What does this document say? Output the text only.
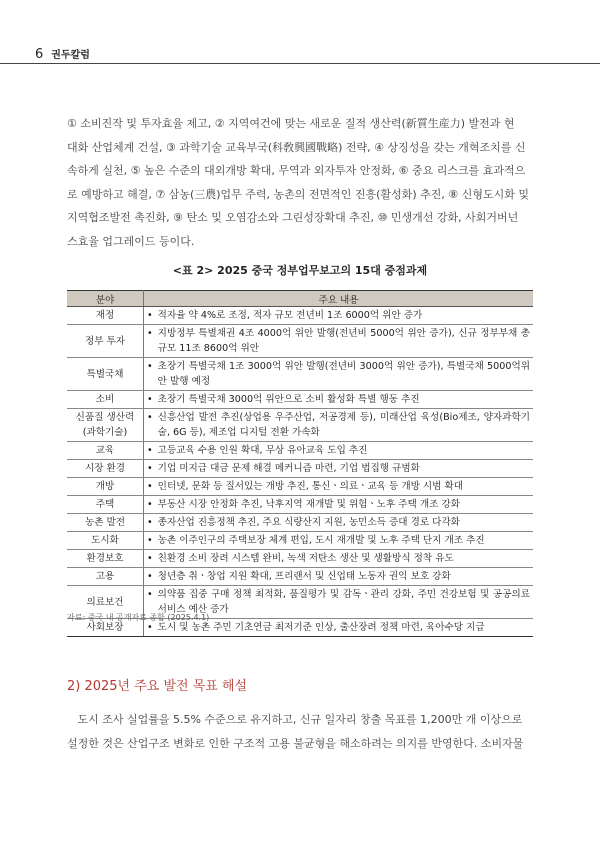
6 권두칼럼

① 소비진작 및 투자효율 제고, ② 지역여건에 맞는 새로운 질적 생산력(新質生産力) 발전과 현
대화 산업체계 건설, ③ 과학기술 교육부국(科敎興國戰略) 전략, ④ 상징성을 갖는 개혁조치를 신
속하게 실천, ⑤ 높은 수준의 대외개방 확대, 무역과 외자투자 안정화, ⑥ 중요 리스크를 효과적으
로 예방하고 해결, ⑦ 삼농(三農)업무 주력, 농촌의 전면적인 진흥(활성화) 추진, ⑧ 신형도시화 및
지역협조발전 촉진화, ⑨ 탄소 및 오염감소와 그린성장확대 추진, ⑩ 민생개선 강화, 사회거버넌
스효율 업그레이드 등이다.

<표 2> 2025 중국 정부업무보고의 15대 중점과제
분야	주요 내용
재정	• 적자율 약 4%로 조정, 적자 규모 전년비 1조 6000억 위안 증가

정부 투자	• 지방정부 특별채권 4조 4000억 위안 발행(전년비 5000억 위안 증가), 신규 정부부채 총규모 11조 8600억 위안

특별국채	• 초장기 특별국채 1조 3000억 위안 발행(전년비 3000억 위안 증가), 특별국채 5000억위안 발행 예정

소비	• 초장기 특별국채 3000억 위안으로 소비 활성화 특별 행동 추진

신품질 생산력
(과학기술)	• 신흥산업 발전 추진(상업용 우주산업, 저공경제 등), 미래산업 육성(Bio제조, 양자과학기술, 6G 등), 제조업 디지털 전환 가속화

교육	• 고등교육 수용 인원 확대, 무상 유아교육 도입 추진

시장 환경	• 기업 미지급 대금 문제 해결 메커니즘 마련, 기업 법집행 규범화

개방	• 인터넷, 문화 등 질서있는 개방 추진, 통신ㆍ의료ㆍ교육 등 개방 시범 확대

주택	• 부동산 시장 안정화 추진, 낙후지역 재개발 및 위험ㆍ노후 주택 개조 강화

농촌 발전	• 종자산업 진흥정책 추진, 주요 식량산지 지원, 농민소득 증대 경로 다각화

도시화	• 농촌 이주인구의 주택보장 체계 편입, 도시 재개발 및 노후 주택 단지 개조 추진

환경보호	• 친환경 소비 장려 시스템 완비, 녹색 저탄소 생산 및 생활방식 정착 유도

고용	• 청년층 취ㆍ창업 지원 확대, 프리랜서 및 신업태 노동자 권익 보호 강화

의료보건	• 의약품 집중 구매 정책 최적화, 품질평가 및 감독ㆍ관리 강화, 주민 건강보험 및 공공의료서비스 예산 증가

사회보장	• 도시 및 농촌 주민 기초연금 최저기준 인상, 출산장려 정책 마련, 육아수당 지급
자료: 중국 내 공개자료 종합 (2025.4.1)
2) 2025년 주요 발전 목표 해설

도시 조사 실업률을 5.5% 수준으로 유지하고, 신규 일자리 창출 목표를 1,200만 개 이상으로
설정한 것은 산업구조 변화로 인한 구조적 고용 불균형을 해소하려는 의지를 반영한다. 소비자물
